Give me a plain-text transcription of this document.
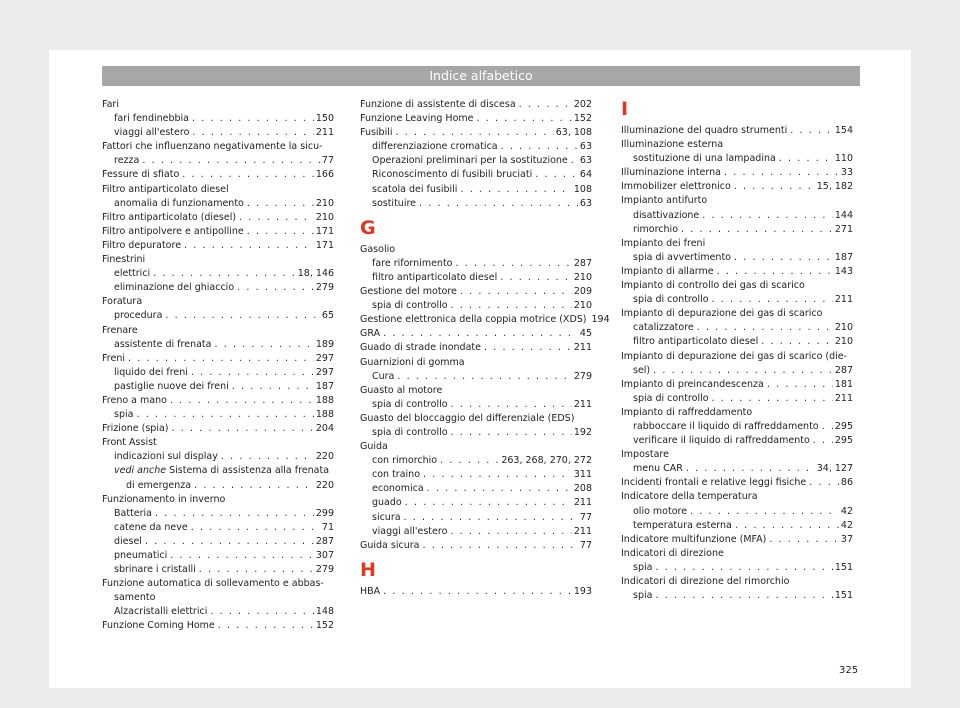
Indice alfabetico
Fari
fari fendinebbia . . .	150
viaggi all'estero . . .	211
Fattori che influenzano negativamente la sicu-
rezza . . .	77
Fessure di sfiato . . .	166
Filtro antiparticolato diesel
anomalia di funzionamento . . .	210
Filtro antiparticolato (diesel) . . .	210
Filtro antipolvere e antipolline . . .	171
Filtro depuratore . . .	171
Finestrini
elettrici . . .	18, 146
eliminazione del ghiaccio . . .	279
Foratura
procedura . . .	65
Frenare
assistente di frenata . . .	189
Freni . . .	297
liquido dei freni . . .	297
pastiglie nuove dei freni . . .	187
Freno a mano . . .	188
spia . . .	188
Frizione (spia) . . .	204
Front Assist
indicazioni sul display . . .	220
vedi anche Sistema di assistenza alla frenata
di emergenza . . .	220
Funzionamento in inverno
Batteria . . .	299
catene da neve . . .	71
diesel . . .	287
pneumatici . . .	307
sbrinare i cristalli . . .	279
Funzione automatica di sollevamento e abbas-
samento
Alzacristalli elettrici . . .	148
Funzione Coming Home . . .	152
Funzione di assistente di discesa . . .	202
Funzione Leaving Home . . .	152
Fusibili . . .	63, 108
differenziazione cromatica . . .	63
Operazioni preliminari per la sostituzione . . . 63
Riconoscimento di fusibili bruciati . . .	64
scatola dei fusibili . . .	108
sostituire . . .	63
G
Gasolio
fare rifornimento . . .	287
filtro antiparticolato diesel . . .	210
Gestione del motore . . .	209
spia di controllo . . .	210
Gestione elettronica della coppia motrice (XDS) 194
GRA . . .	45
Guado di strade inondate . . .	211
Guarnizioni di gomma
Cura . . .	279
Guasto al motore
spia di controllo . . .	211
Guasto del bloccaggio del differenziale (EDS)
spia di controllo . . .	192
Guida
con rimorchio . . .	263, 268, 270, 272
con traino . . .	311
economica . . .	208
guado . . .	211
sicura . . .	77
viaggi all'estero . . .	211
Guida sicura . . .	77
H
HBA . . .	193
I
Illuminazione del quadro strumenti . . .	154
Illuminazione esterna
sostituzione di una lampadina . . .	110
Illuminazione interna . . .	33
Immobilizer elettronico . . .	15, 182
Impianto antifurto
disattivazione . . .	144
rimorchio . . .	271
Impianto dei freni
spia di avvertimento . . .	187
Impianto di allarme . . .	143
Impianto di controllo dei gas di scarico
spia di controllo . . .	211
Impianto di depurazione dei gas di scarico
catalizzatore . . .	210
filtro antiparticolato diesel . . .	210
Impianto di depurazione dei gas di scarico (die-
sel) . . .	287
Impianto di preincandescenza . . .	181
spia di controllo . . .	211
Impianto di raffreddamento
rabboccare il liquido di raffreddamento . . . 295
verificare il liquido di raffreddamento . . .	295
Impostare
menu CAR . . .	34, 127
Incidenti frontali e relative leggi fisiche . . .	86
Indicatore della temperatura
olio motore . . .	42
temperatura esterna . . .	42
Indicatore multifunzione (MFA) . . .	37
Indicatori di direzione
spia . . .	151
Indicatori di direzione del rimorchio
spia . . .	151
325
